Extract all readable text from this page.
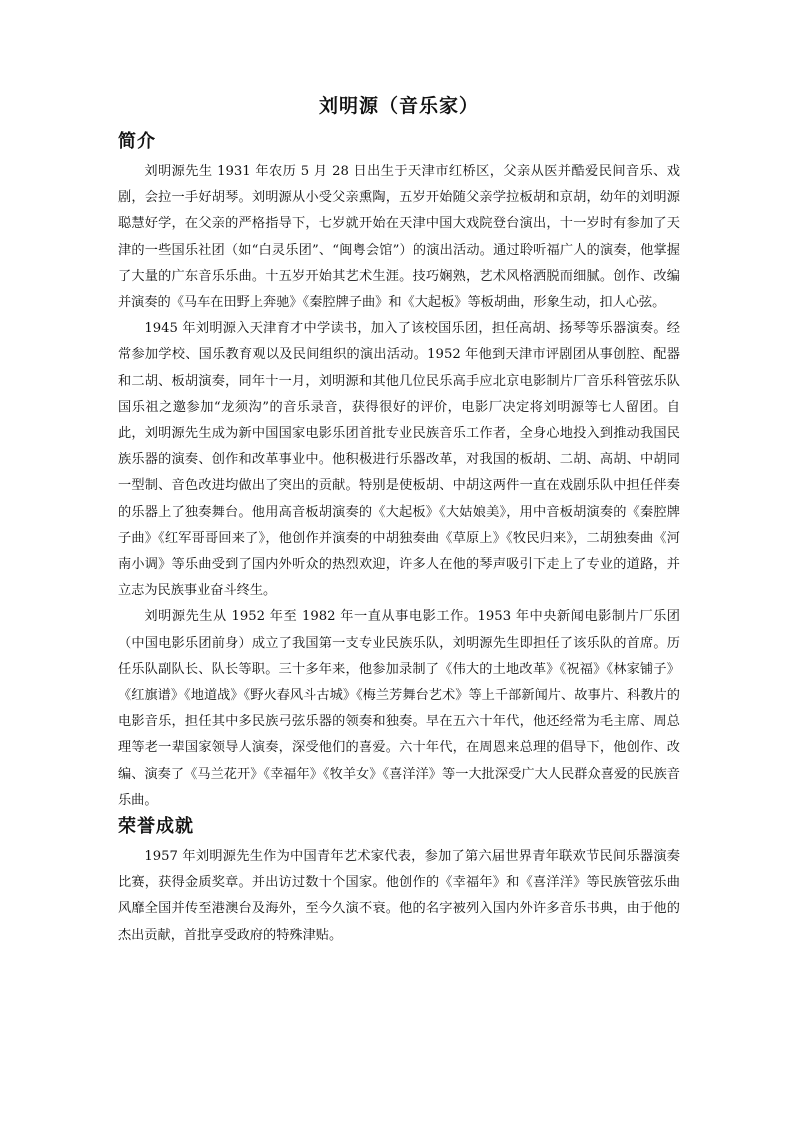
刘明源（音乐家）
简介

刘明源先生 1931 年农历 5 月 28 日出生于天津市红桥区，父亲从医并酷爱民间音乐、戏剧，会拉一手好胡琴。刘明源从小受父亲熏陶，五岁开始随父亲学拉板胡和京胡，幼年的刘明源聪慧好学，在父亲的严格指导下，七岁就开始在天津中国大戏院登台演出，十一岁时有参加了天津的一些国乐社团（如“白灵乐团”、“闽粤会馆”）的演出活动。通过聆听福广人的演奏，他掌握了大量的广东音乐乐曲。十五岁开始其艺术生涯。技巧娴熟，艺术风格洒脱而细腻。创作、改编并演奏的《马车在田野上奔驰》《秦腔牌子曲》和《大起板》等板胡曲，形象生动，扣人心弦。

1945 年刘明源入天津育才中学读书，加入了该校国乐团，担任高胡、扬琴等乐器演奏。经常参加学校、国乐教育观以及民间组织的演出活动。1952 年他到天津市评剧团从事创腔、配器和二胡、板胡演奏，同年十一月，刘明源和其他几位民乐高手应北京电影制片厂音乐科管弦乐队国乐祖之邀参加“龙须沟”的音乐录音，获得很好的评价，电影厂决定将刘明源等七人留团。自此，刘明源先生成为新中国国家电影乐团首批专业民族音乐工作者，全身心地投入到推动我国民族乐器的演奏、创作和改革事业中。他积极进行乐器改革，对我国的板胡、二胡、高胡、中胡同一型制、音色改进均做出了突出的贡献。特别是使板胡、中胡这两件一直在戏剧乐队中担任伴奏的乐器上了独奏舞台。他用高音板胡演奏的《大起板》《大姑娘美》，用中音板胡演奏的《秦腔牌子曲》《红军哥哥回来了》，他创作并演奏的中胡独奏曲《草原上》《牧民归来》，二胡独奏曲《河南小调》等乐曲受到了国内外听众的热烈欢迎，许多人在他的琴声吸引下走上了专业的道路，并立志为民族事业奋斗终生。

刘明源先生从 1952 年至 1982 年一直从事电影工作。1953 年中央新闻电影制片厂乐团（中国电影乐团前身）成立了我国第一支专业民族乐队，刘明源先生即担任了该乐队的首席。历任乐队副队长、队长等职。三十多年来，他参加录制了《伟大的土地改革》《祝福》《林家铺子》《红旗谱》《地道战》《野火春风斗古城》《梅兰芳舞台艺术》等上千部新闻片、故事片、科教片的电影音乐，担任其中多民族弓弦乐器的领奏和独奏。早在五六十年代，他还经常为毛主席、周总理等老一辈国家领导人演奏，深受他们的喜爱。六十年代，在周恩来总理的倡导下，他创作、改编、演奏了《马兰花开》《幸福年》《牧羊女》《喜洋洋》等一大批深受广大人民群众喜爱的民族音乐曲。

荣誉成就

1957 年刘明源先生作为中国青年艺术家代表，参加了第六届世界青年联欢节民间乐器演奏比赛，获得金质奖章。并出访过数十个国家。他创作的《幸福年》和《喜洋洋》等民族管弦乐曲风靡全国并传至港澳台及海外，至今久演不衰。他的名字被列入国内外许多音乐书典，由于他的杰出贡献，首批享受政府的特殊津贴。
